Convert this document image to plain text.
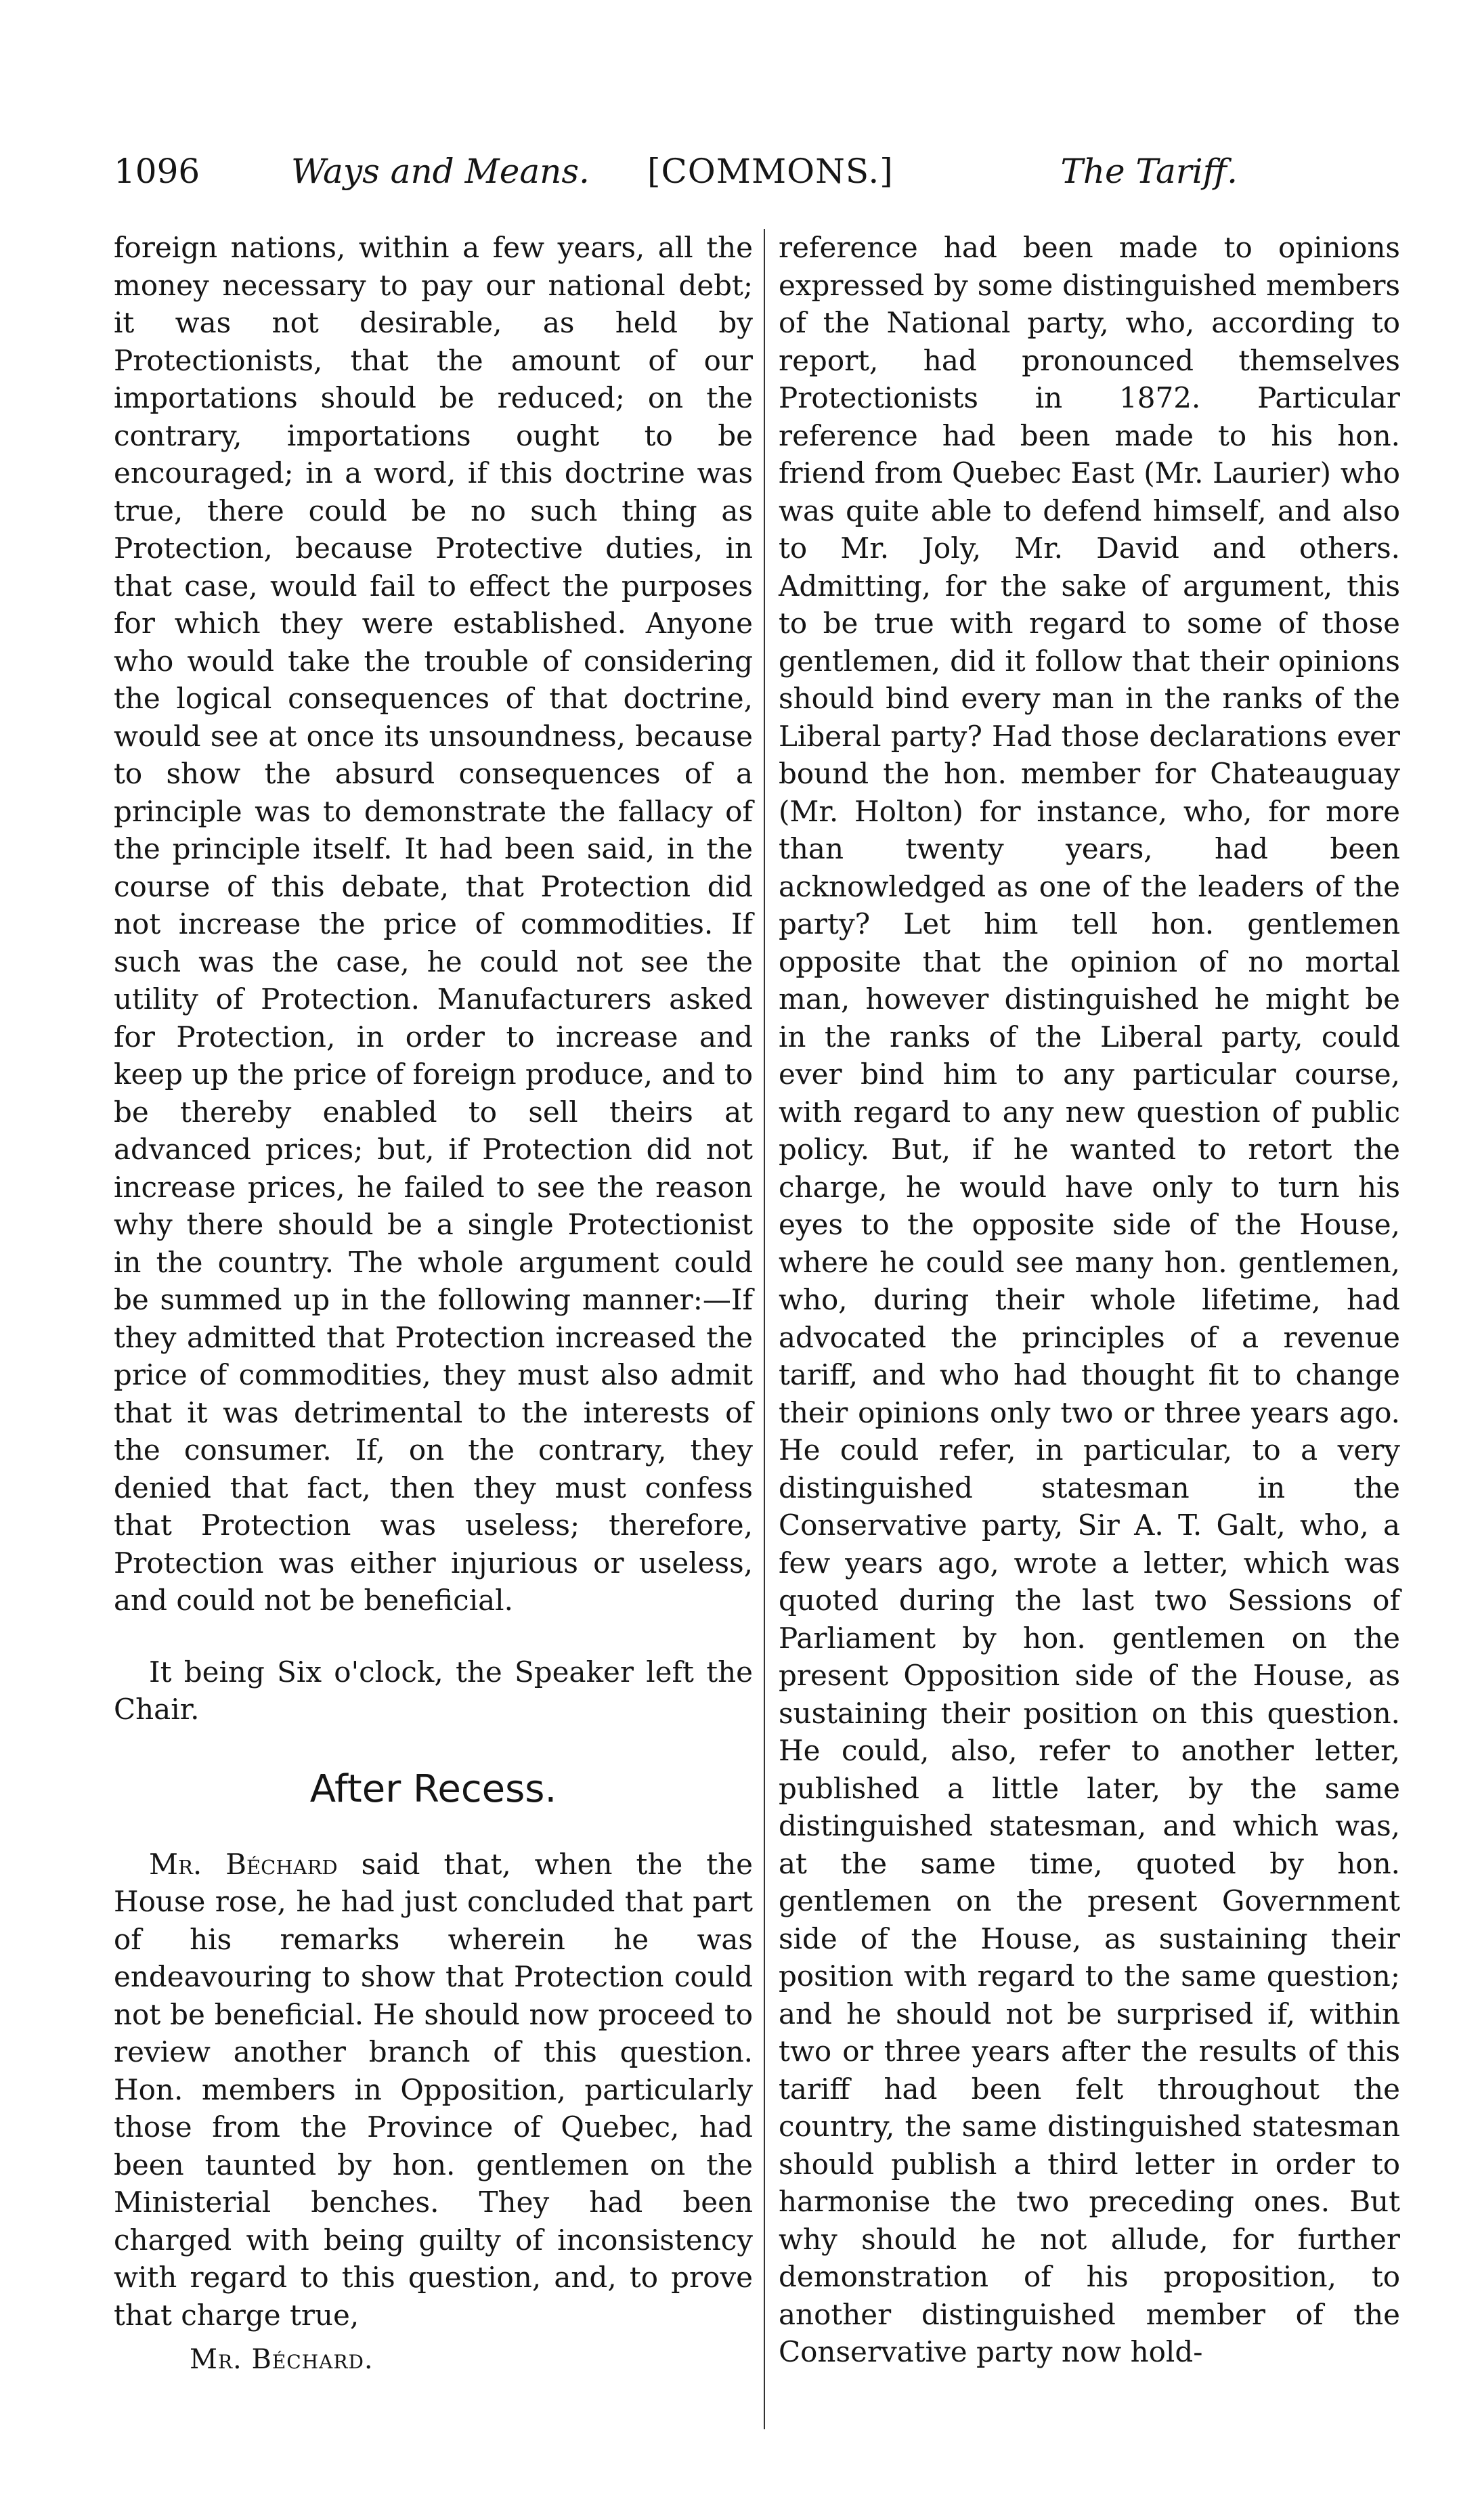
1096	Ways and Means. [COMMONS.]	The Tariff.

foreign nations, within a few years, all the money necessary to pay our national debt; it was not desirable, as held by Protectionists, that the amount of our importations should be reduced; on the contrary, importations ought to be encouraged; in a word, if this doctrine was true, there could be no such thing as Protection, because Protective duties, in that case, would fail to effect the purposes for which they were established. Anyone who would take the trouble of considering the logical consequences of that doctrine, would see at once its unsoundness, because to show the absurd consequences of a principle was to demonstrate the fallacy of the principle itself. It had been said, in the course of this debate, that Protection did not increase the price of commodities. If such was the case, he could not see the utility of Protection. Manufacturers asked for Protection, in order to increase and keep up the price of foreign produce, and to be thereby enabled to sell theirs at advanced prices; but, if Protection did not increase prices, he failed to see the reason why there should be a single Protectionist in the country. The whole argument could be summed up in the following manner:—If they admitted that Protection increased the price of commodities, they must also admit that it was detrimental to the interests of the consumer. If, on the contrary, they denied that fact, then they must confess that Protection was useless; therefore, Protection was either injurious or useless, and could not be beneficial.

It being Six o'clock, the Speaker left the Chair.

After Recess.

Mr. Béchard said that, when the the House rose, he had just concluded that part of his remarks wherein he was endeavouring to show that Protection could not be beneficial. He should now proceed to review another branch of this question. Hon. members in Opposition, particularly those from the Province of Quebec, had been taunted by hon. gentlemen on the Ministerial benches. They had been charged with being guilty of inconsistency with regard to this question, and, to prove that charge true,

Mr. Béchard.

reference had been made to opinions expressed by some distinguished members of the National party, who, according to report, had pronounced themselves Protectionists in 1872. Particular reference had been made to his hon. friend from Quebec East (Mr. Laurier) who was quite able to defend himself, and also to Mr. Joly, Mr. David and others. Admitting, for the sake of argument, this to be true with regard to some of those gentlemen, did it follow that their opinions should bind every man in the ranks of the Liberal party? Had those declarations ever bound the hon. member for Chateauguay (Mr. Holton) for instance, who, for more than twenty years, had been acknowledged as one of the leaders of the party? Let him tell hon. gentlemen opposite that the opinion of no mortal man, however distinguished he might be in the ranks of the Liberal party, could ever bind him to any particular course, with regard to any new question of public policy. But, if he wanted to retort the charge, he would have only to turn his eyes to the opposite side of the House, where he could see many hon. gentlemen, who, during their whole lifetime, had advocated the principles of a revenue tariff, and who had thought fit to change their opinions only two or three years ago. He could refer, in particular, to a very distinguished statesman in the Conservative party, Sir A. T. Galt, who, a few years ago, wrote a letter, which was quoted during the last two Sessions of Parliament by hon. gentlemen on the present Opposition side of the House, as sustaining their position on this question. He could, also, refer to another letter, published a little later, by the same distinguished statesman, and which was, at the same time, quoted by hon. gentlemen on the present Government side of the House, as sustaining their position with regard to the same question; and he should not be surprised if, within two or three years after the results of this tariff had been felt throughout the country, the same distinguished statesman should publish a third letter in order to harmonise the two preceding ones. But why should he not allude, for further demonstration of his proposition, to another distinguished member of the Conservative party now hold-
